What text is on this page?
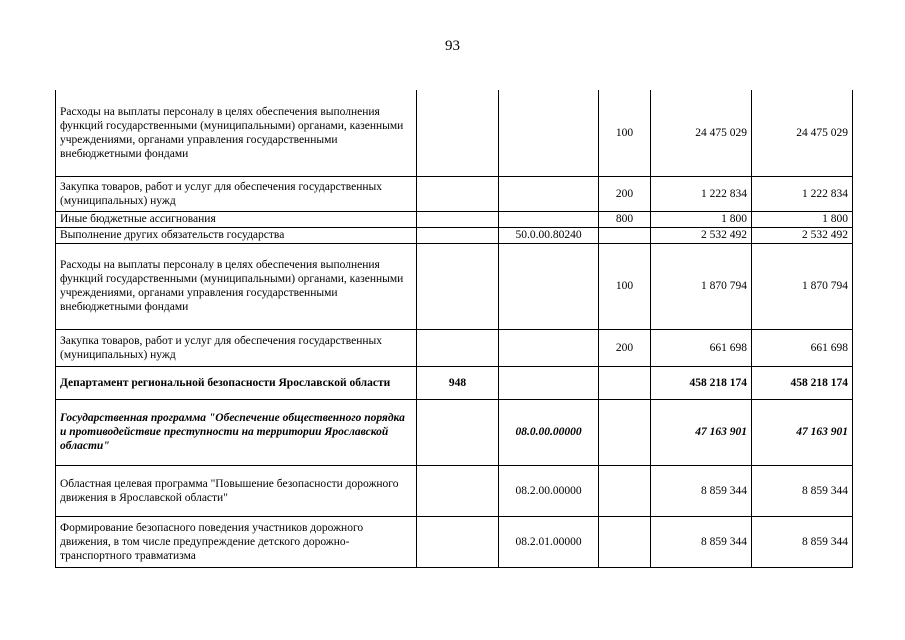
93
Расходы на выплаты персоналу в целях обеспечения выполнения функций государственными (муниципальными) органами, казенными учреждениями, органами управления государственными внебюджетными фондами			100	24 475 029	24 475 029
Закупка товаров, работ и услуг для обеспечения государственных (муниципальных) нужд			200	1 222 834	1 222 834
Иные бюджетные ассигнования			800	1 800	1 800
Выполнение других обязательств государства		50.0.00.80240		2 532 492	2 532 492
Расходы на выплаты персоналу в целях обеспечения выполнения функций государственными (муниципальными) органами, казенными учреждениями, органами управления государственными внебюджетными фондами			100	1 870 794	1 870 794
Закупка товаров, работ и услуг для обеспечения государственных (муниципальных) нужд			200	661 698	661 698
Департамент региональной безопасности Ярославской области	948			458 218 174	458 218 174
Государственная программа "Обеспечение общественного порядка и противодействие преступности на территории Ярославской области"		08.0.00.00000		47 163 901	47 163 901
Областная целевая программа "Повышение безопасности дорожного движения в Ярославской области"		08.2.00.00000		8 859 344	8 859 344
Формирование безопасного поведения участников дорожного движения, в том числе предупреждение детского дорожно-транспортного травматизма		08.2.01.00000		8 859 344	8 859 344
